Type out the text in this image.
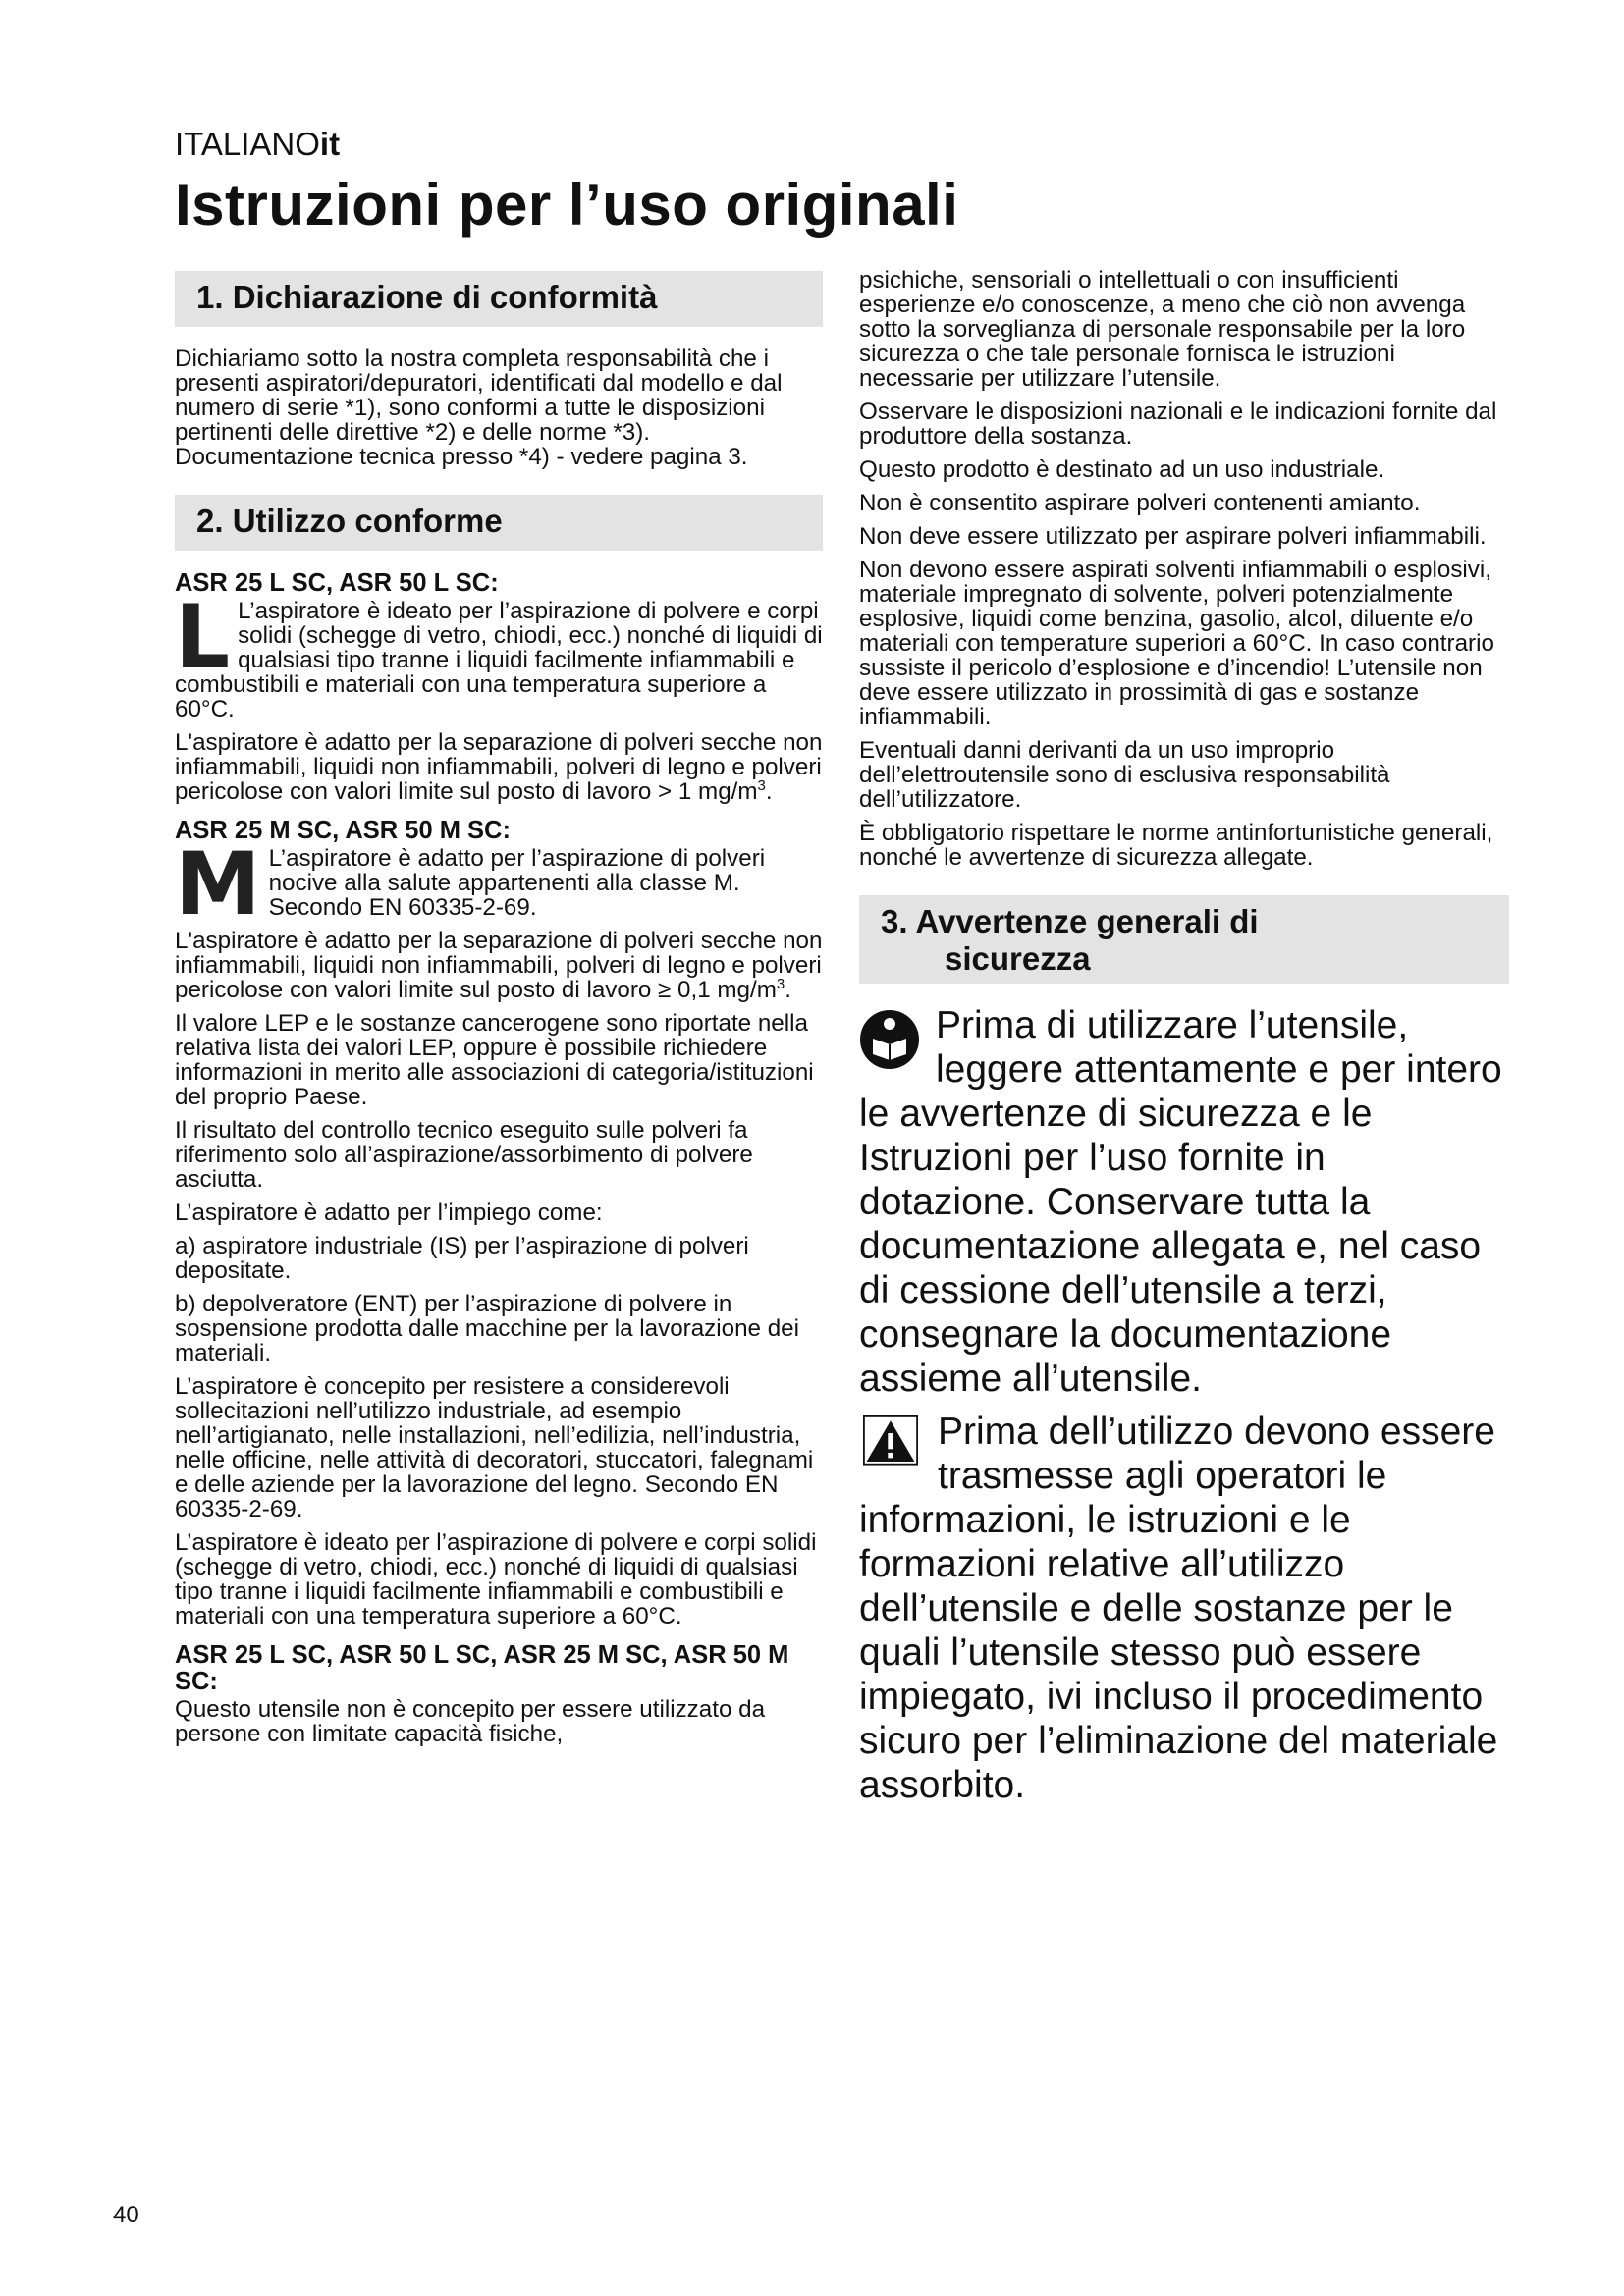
ITALIANOit
Istruzioni per l’uso originali
1. Dichiarazione di conformità

Dichiariamo sotto la nostra completa responsabilità che i presenti aspiratori/depuratori, identificati dal modello e dal numero di serie *1), sono conformi a tutte le disposizioni pertinenti delle direttive *2) e delle norme *3). Documentazione tecnica presso *4) - vedere pagina 3.

2. Utilizzo conforme
ASR 25 L SC, ASR 50 L SC:
L L’aspiratore è ideato per l’aspirazione di polvere e corpi solidi (schegge di vetro, chiodi, ecc.) nonché di liquidi di qualsiasi tipo tranne i liquidi facilmente infiammabili e combustibili e materiali con una temperatura superiore a 60°C.

L'aspiratore è adatto per la separazione di polveri secche non infiammabili, liquidi non infiammabili, polveri di legno e polveri pericolose con valori limite sul posto di lavoro > 1 $mg/m^3$.

ASR 25 M SC, ASR 50 M SC:
M L’aspiratore è adatto per l’aspirazione di polveri nocive alla salute appartenenti alla classe M. Secondo EN 60335-2-69.

L'aspiratore è adatto per la separazione di polveri secche non infiammabili, liquidi non infiammabili, polveri di legno e polveri pericolose con valori limite sul posto di lavoro ≥ 0,1 $mg/m^3$.

Il valore LEP e le sostanze cancerogene sono riportate nella relativa lista dei valori LEP, oppure è possibile richiedere informazioni in merito alle associazioni di categoria/istituzioni del proprio Paese.

Il risultato del controllo tecnico eseguito sulle polveri fa riferimento solo all’aspirazione/assorbimento di polvere asciutta.

L’aspiratore è adatto per l’impiego come:

a) aspiratore industriale (IS) per l’aspirazione di polveri depositate.

b) depolveratore (ENT) per l’aspirazione di polvere in sospensione prodotta dalle macchine per la lavorazione dei materiali.

L’aspiratore è concepito per resistere a considerevoli sollecitazioni nell’utilizzo industriale, ad esempio nell’artigianato, nelle installazioni, nell’edilizia, nell’industria, nelle officine, nelle attività di decoratori, stuccatori, falegnami e delle aziende per la lavorazione del legno. Secondo EN 60335-2-69.

L’aspiratore è ideato per l’aspirazione di polvere e corpi solidi (schegge di vetro, chiodi, ecc.) nonché di liquidi di qualsiasi tipo tranne i liquidi facilmente infiammabili e combustibili e materiali con una temperatura superiore a 60°C.

ASR 25 L SC, ASR 50 L SC, ASR 25 M SC, ASR 50 M SC:

Questo utensile non è concepito per essere utilizzato da persone con limitate capacità fisiche,

psichiche, sensoriali o intellettuali o con insufficienti esperienze e/o conoscenze, a meno che ciò non avvenga sotto la sorveglianza di personale responsabile per la loro sicurezza o che tale personale fornisca le istruzioni necessarie per utilizzare l’utensile.

Osservare le disposizioni nazionali e le indicazioni fornite dal produttore della sostanza.

Questo prodotto è destinato ad un uso industriale.

Non è consentito aspirare polveri contenenti amianto.

Non deve essere utilizzato per aspirare polveri infiammabili.

Non devono essere aspirati solventi infiammabili o esplosivi, materiale impregnato di solvente, polveri potenzialmente esplosive, liquidi come benzina, gasolio, alcol, diluente e/o materiali con temperature superiori a 60°C. In caso contrario sussiste il pericolo d’esplosione e d’incendio! L’utensile non deve essere utilizzato in prossimità di gas e sostanze infiammabili.

Eventuali danni derivanti da un uso improprio dell’elettroutensile sono di esclusiva responsabilità dell’utilizzatore.

È obbligatorio rispettare le norme antinfortunistiche generali, nonché le avvertenze di sicurezza allegate.

3. Avvertenze generali di
sicurezza

Prima di utilizzare l’utensile, leggere attentamente e per intero le avvertenze di sicurezza e le Istruzioni per l’uso fornite in dotazione. Conservare tutta la documentazione allegata e, nel caso di cessione dell’utensile a terzi, consegnare la documentazione assieme all’utensile.

Prima dell’utilizzo devono essere trasmesse agli operatori le informazioni, le istruzioni e le formazioni relative all’utilizzo dell’utensile e delle sostanze per le quali l’utensile stesso può essere impiegato, ivi incluso il procedimento sicuro per l’eliminazione del materiale assorbito.

40
